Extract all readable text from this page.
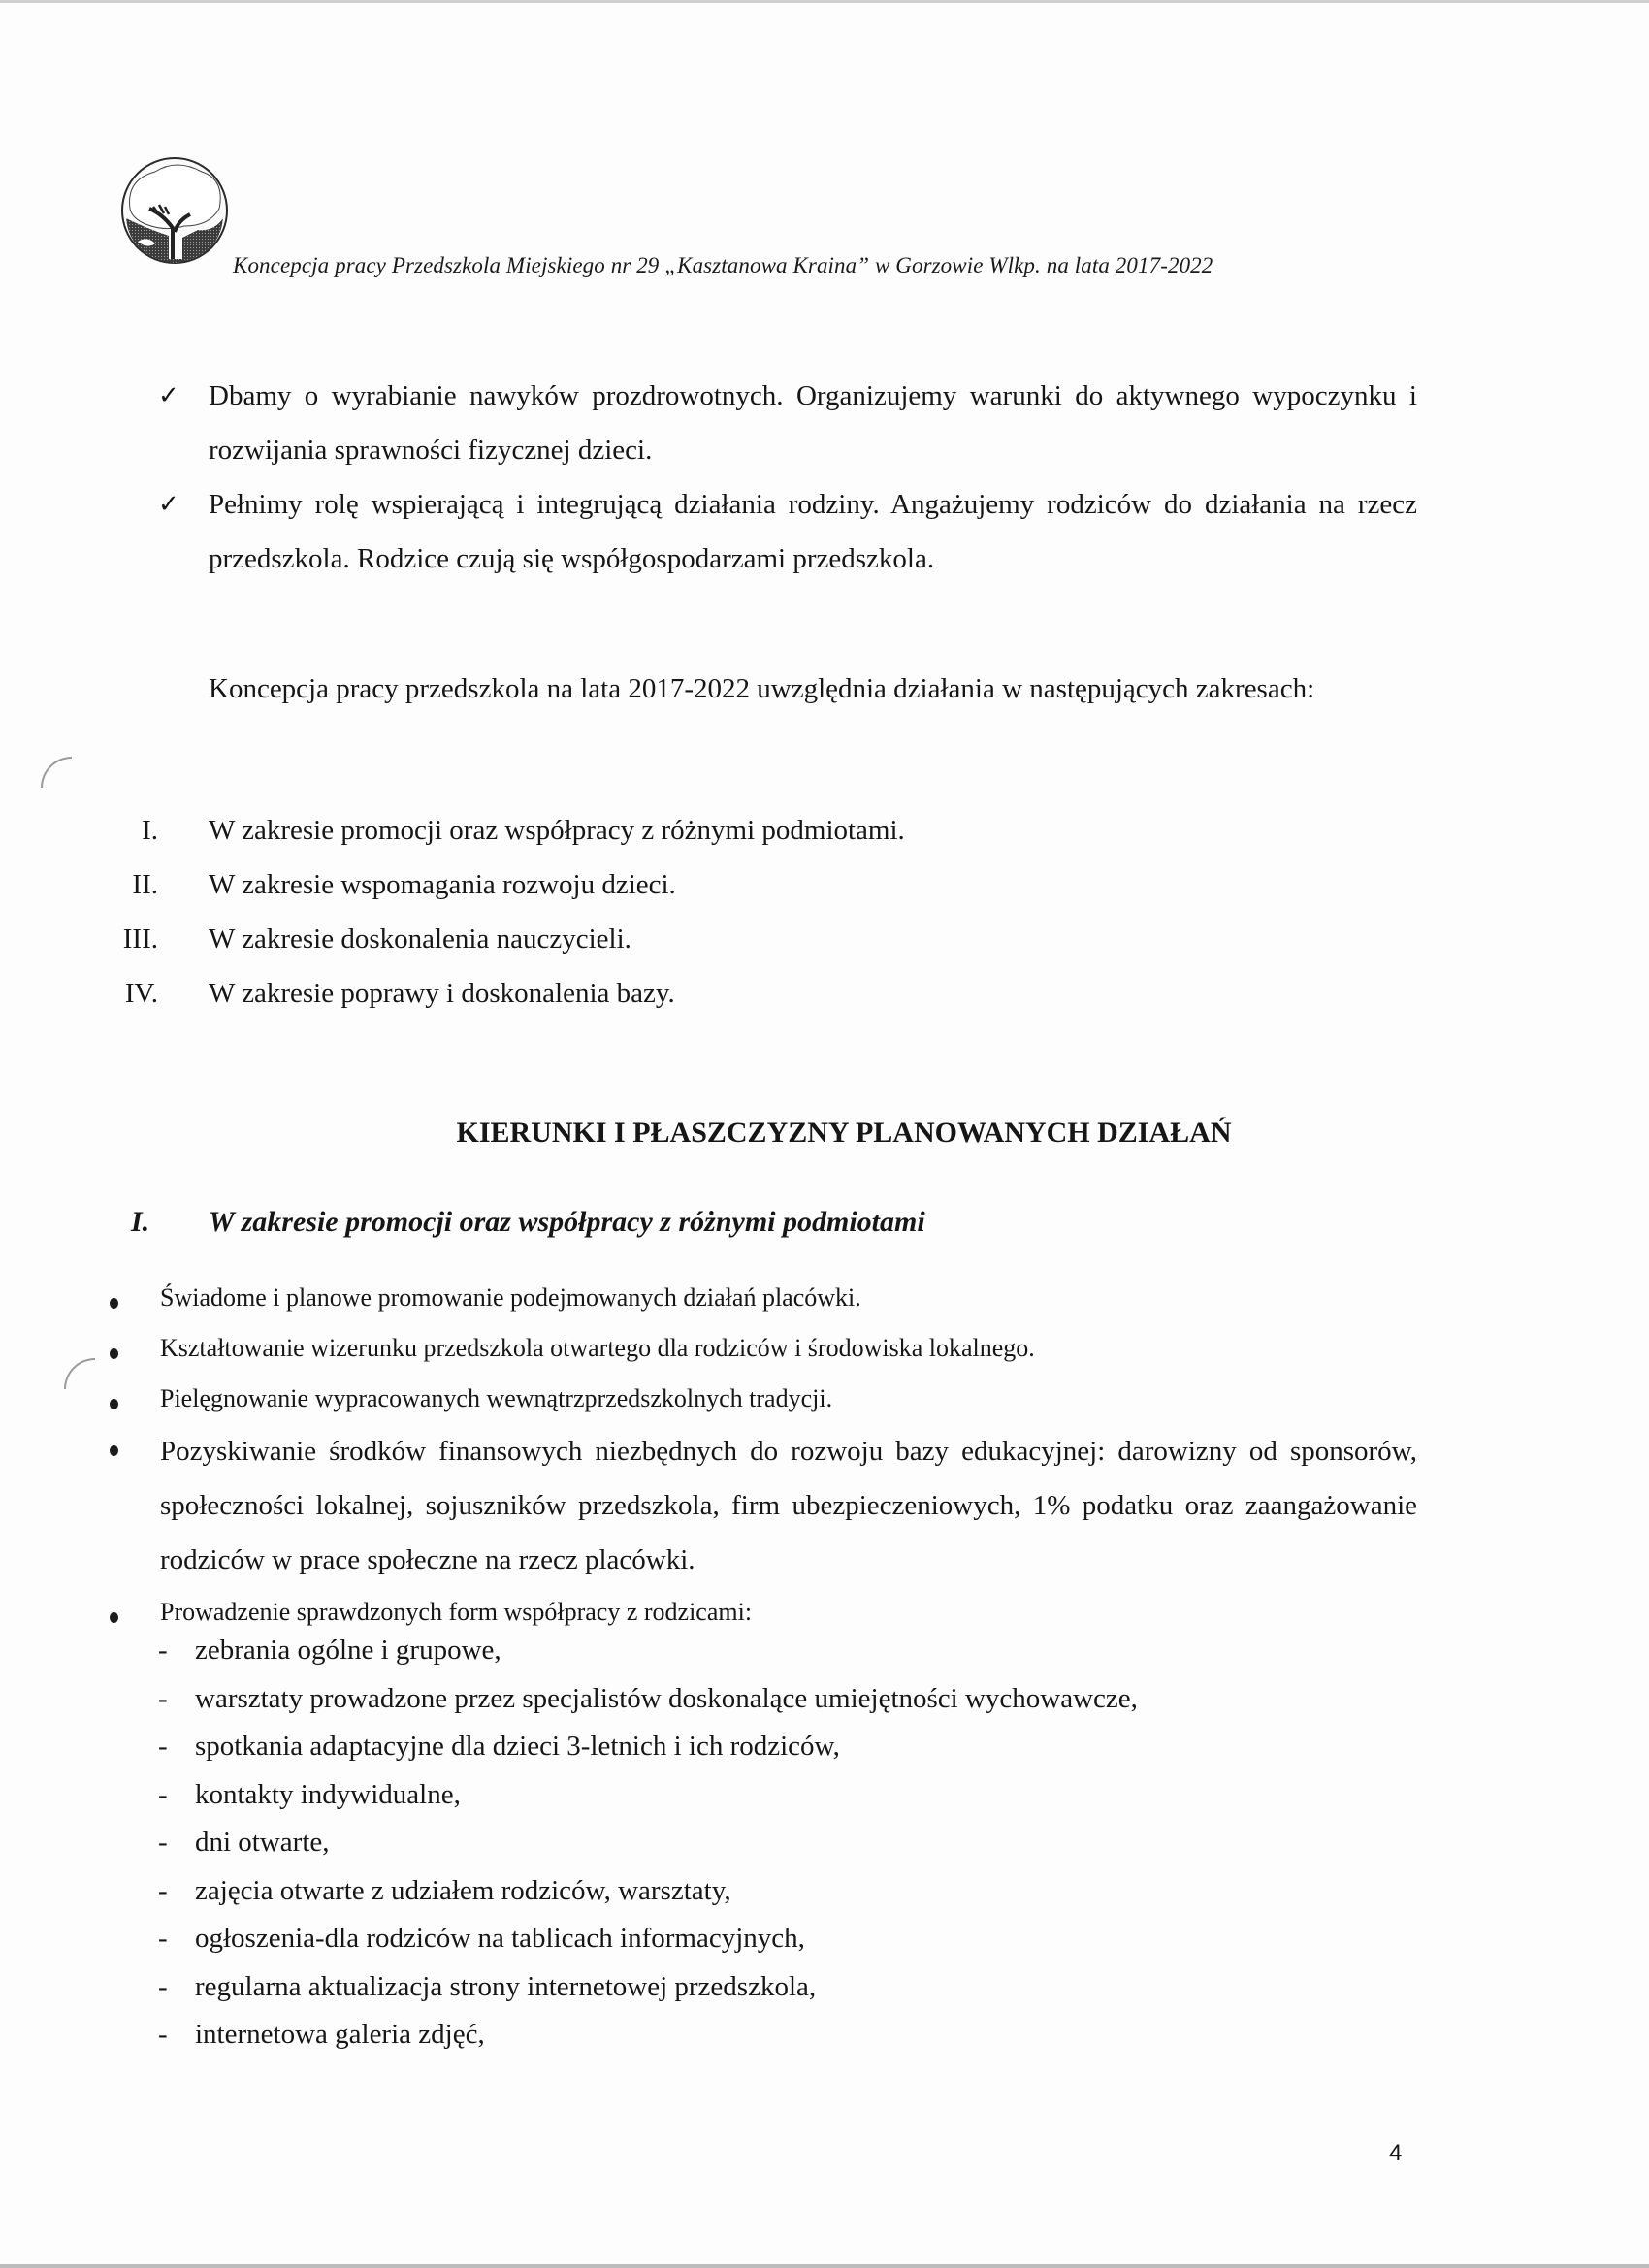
Koncepcja pracy Przedszkola Miejskiego nr 29 „Kasztanowa Kraina” w Gorzowie Wlkp. na lata 2017-2022
✓ Dbamy o wyrabianie nawyków prozdrowotnych. Organizujemy warunki do aktywnego wypoczynku i rozwijania sprawności fizycznej dzieci.
✓ Pełnimy rolę wspierającą i integrującą działania rodziny. Angażujemy rodziców do działania na rzecz przedszkola. Rodzice czują się współgospodarzami przedszkola.

Koncepcja pracy przedszkola na lata 2017-2022 uwzględnia działania w następujących zakresach:

I. W zakresie promocji oraz współpracy z różnymi podmiotami.
II. W zakresie wspomagania rozwoju dzieci.
III. W zakresie doskonalenia nauczycieli.
IV. W zakresie poprawy i doskonalenia bazy.
KIERUNKI I PŁASZCZYZNY PLANOWANYCH DZIAŁAŃ
I. W zakresie promocji oraz współpracy z różnymi podmiotami
Świadome i planowe promowanie podejmowanych działań placówki.
Kształtowanie wizerunku przedszkola otwartego dla rodziców i środowiska lokalnego.
Pielęgnowanie wypracowanych wewnątrzprzedszkolnych tradycji.
Pozyskiwanie środków finansowych niezbędnych do rozwoju bazy edukacyjnej: darowizny od sponsorów, społeczności lokalnej, sojuszników przedszkola, firm ubezpieczeniowych, 1% podatku oraz zaangażowanie rodziców w prace społeczne na rzecz placówki.
Prowadzenie sprawdzonych form współpracy z rodzicami:
- zebrania ogólne i grupowe,
- warsztaty prowadzone przez specjalistów doskonalące umiejętności wychowawcze,
- spotkania adaptacyjne dla dzieci 3-letnich i ich rodziców,
- kontakty indywidualne,
- dni otwarte,
- zajęcia otwarte z udziałem rodziców, warsztaty,
- ogłoszenia-dla rodziców na tablicach informacyjnych,
- regularna aktualizacja strony internetowej przedszkola,
- internetowa galeria zdjęć,
4
